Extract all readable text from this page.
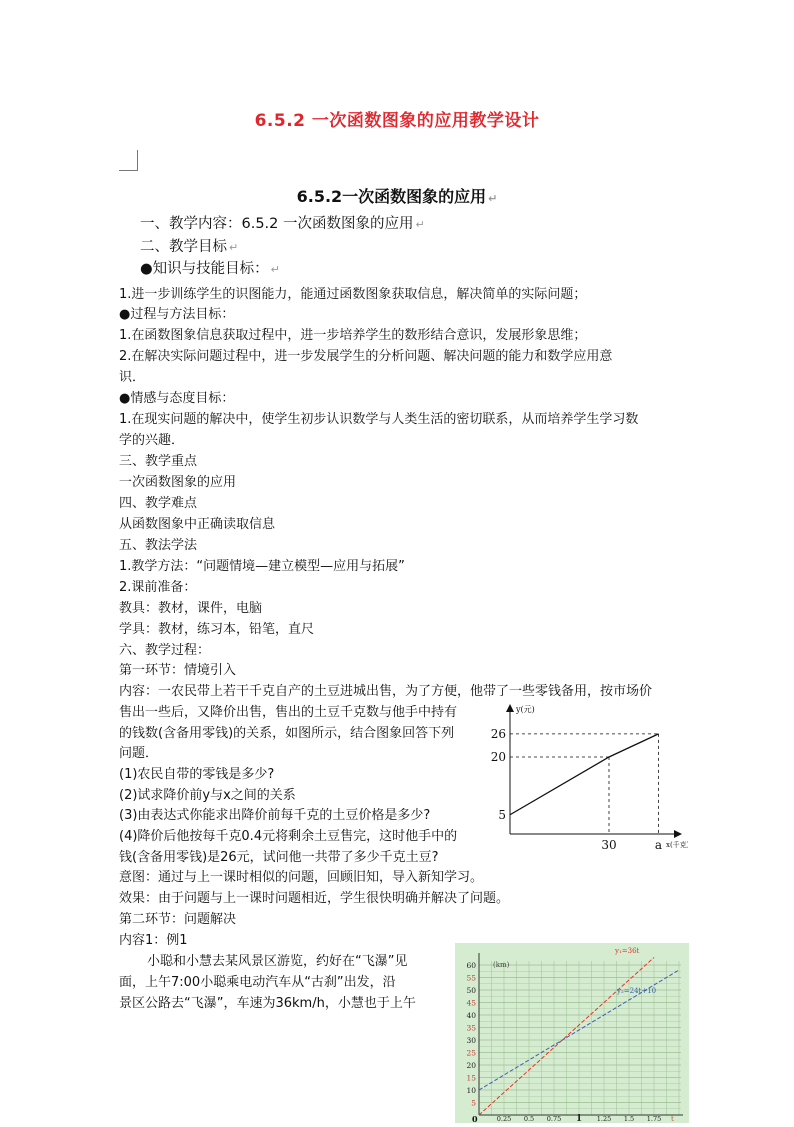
6.5.2 一次函数图象的应用教学设计
6.5.2一次函数图象的应用 ↵
一、教学内容：6.5.2 一次函数图象的应用 ↵
二、教学目标 ↵
●知识与技能目标： ↵
1.进一步训练学生的识图能力，能通过函数图象获取信息，解决简单的实际问题；
●过程与方法目标：
1.在函数图象信息获取过程中，进一步培养学生的数形结合意识，发展形象思维；
2.在解决实际问题过程中，进一步发展学生的分析问题、解决问题的能力和数学应用意
识．
●情感与态度目标：
1.在现实问题的解决中，使学生初步认识数学与人类生活的密切联系，从而培养学生学习数
学的兴趣．
三、教学重点
一次函数图象的应用
四、教学难点
从函数图象中正确读取信息
五、教法学法
1.教学方法：“问题情境—建立模型—应用与拓展”
2.课前准备：
教具：教材，课件，电脑
学具：教材，练习本，铅笔，直尺
六、教学过程：
第一环节：情境引入
内容：一农民带上若干千克自产的土豆进城出售，为了方便，他带了一些零钱备用，按市场价
售出一些后，又降价出售，售出的土豆千克数与他手中持有
的钱数(含备用零钱)的关系，如图所示，结合图象回答下列
问题．
(1)农民自带的零钱是多少?
(2)试求降价前y与x之间的关系
(3)由表达式你能求出降价前每千克的土豆价格是多少?
(4)降价后他按每千克0.4元将剩余土豆售完，这时他手中的
钱(含备用零钱)是26元，试问他一共带了多少千克土豆?
意图：通过与上一课时相似的问题，回顾旧知，导入新知学习。
效果：由于问题与上一课时问题相近，学生很快明确并解决了问题。
第二环节：问题解决
内容1：例1
小聪和小慧去某风景区游览，约好在“飞瀑”见
面，上午7:00小聪乘电动汽车从“古刹”出发，沿
景区公路去“飞瀑”，车速为36km/h，小慧也于上午
y(元)
x(千克)
5
20
26
30	a
(km)
t
0
5
10
15
20
25
30
35
40
45
50
55
60
0.25 0.5 0.75 1 1.25 1.5 1.75
y₁=36t
y₂=24t+10
